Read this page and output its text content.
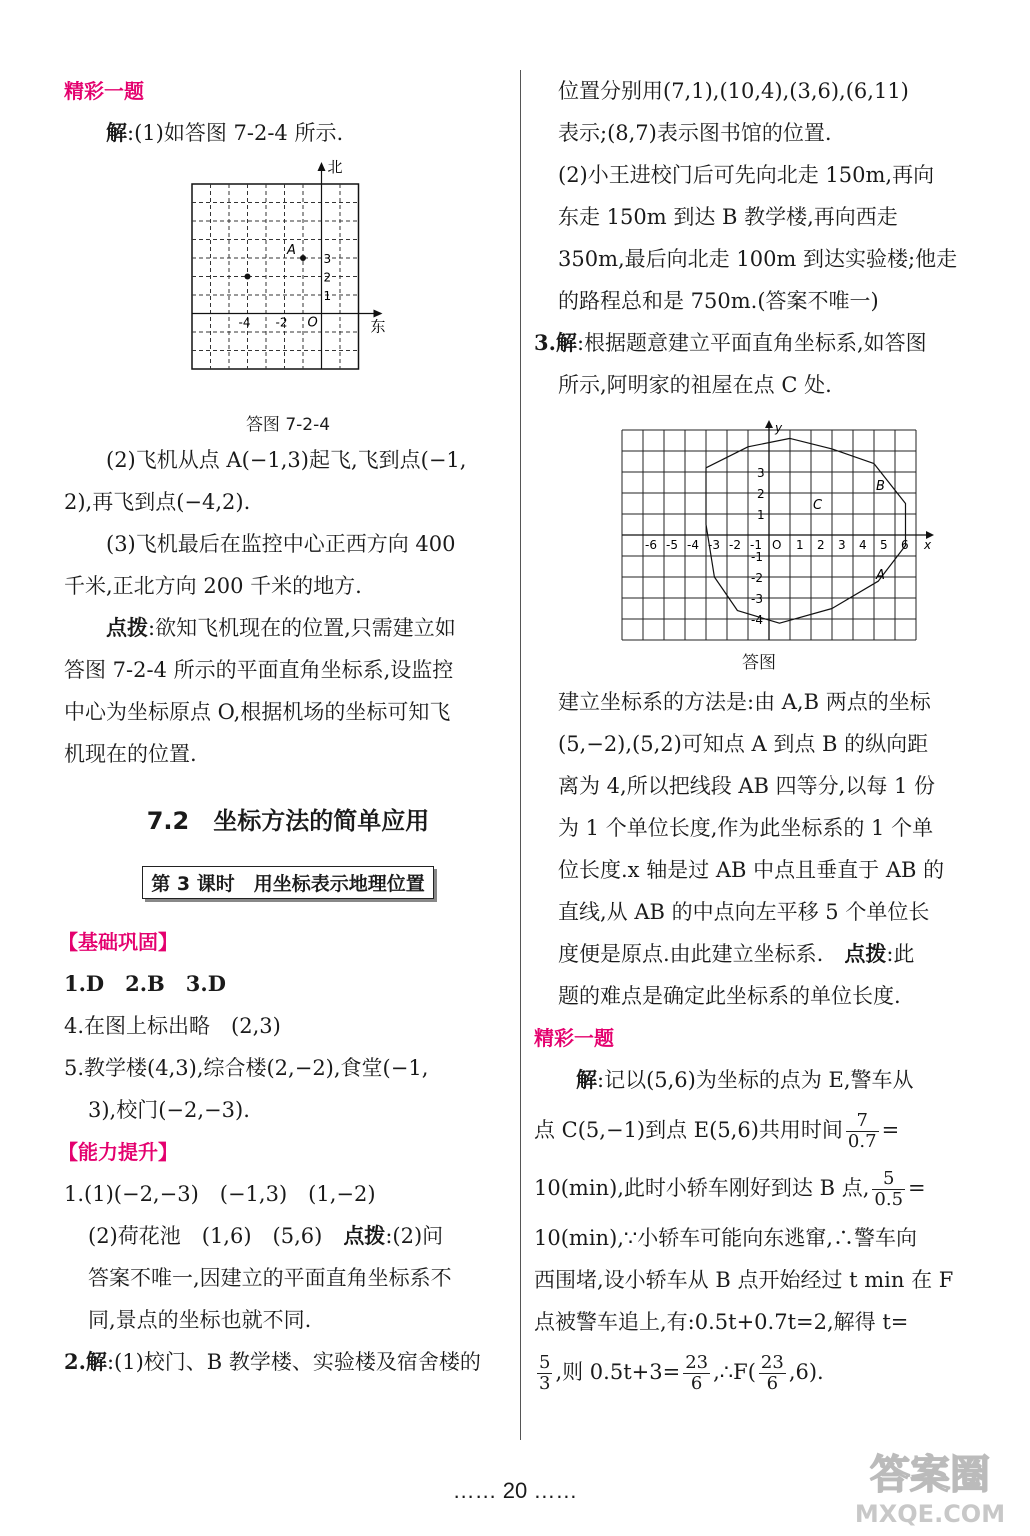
精彩一题
解:(1)如答图 7-2-4 所示.
北
东
O
-4 -2
3
2
1
A
答图 7-2-4
(2)飞机从点 A(−1,3)起飞,飞到点(−1,
2),再飞到点(−4,2).
(3)飞机最后在监控中心正西方向 400
千米,正北方向 200 千米的地方.
点拨:欲知飞机现在的位置,只需建立如
答图 7-2-4 所示的平面直角坐标系,设监控
中心为坐标原点 O,根据机场的坐标可知飞
机现在的位置.
7.2　坐标方法的简单应用
第 3 课时　用坐标表示地理位置
【基础巩固】
1.D　2.B　3.D
4.在图上标出略　(2,3)
5.教学楼(4,3),综合楼(2,−2),食堂(−1,
3),校门(−2,−3).
【能力提升】
1.(1)(−2,−3)　(−1,3)　(1,−2)
(2)荷花池　(1,6)　(5,6)　点拨:(2)问
答案不唯一,因建立的平面直角坐标系不
同,景点的坐标也就不同.
2.解:(1)校门、B 教学楼、实验楼及宿舍楼的
位置分别用(7,1),(10,4),(3,6),(6,11)
表示;(8,7)表示图书馆的位置.
(2)小王进校门后可先向北走 150m,再向
东走 150m 到达 B 教学楼,再向西走
350m,最后向北走 100m 到达实验楼;他走
的路程总和是 750m.(答案不唯一)
3.解:根据题意建立平面直角坐标系,如答图
所示,阿明家的祖屋在点 C 处.
y
x
-6 -5 -4 -3 -2 -1 O 1 2 3 4 5 6
3
2
1
-1
-2
-3
-4
B
A
C
答图
建立坐标系的方法是:由 A,B 两点的坐标
(5,−2),(5,2)可知点 A 到点 B 的纵向距
离为 4,所以把线段 AB 四等分,以每 1 份
为 1 个单位长度,作为此坐标系的 1 个单
位长度.x 轴是过 AB 中点且垂直于 AB 的
直线,从 AB 的中点向左平移 5 个单位长
度便是原点.由此建立坐标系.　点拨:此
题的难点是确定此坐标系的单位长度.
精彩一题
解:记以(5,6)为坐标的点为 E,警车从
点 C(5,−1)到点 E(5,6)共用时间 $\frac{7}{0.7}$ =
10(min),此时小轿车刚好到达 B 点, $\frac{5}{0.5}$ =
10(min),∵小轿车可能向东逃窜,∴警车向
西围堵,设小轿车从 B 点开始经过 t min 在 F
点被警车追上,有:0.5t+0.7t=2,解得 t=
$\frac{5}{3}$ ,则 $0.5t+3= \frac{23}{6}$ ,∴F( $\frac{23}{6} ,6$).
…… 20 ……	答案圈
MXQE.COM
